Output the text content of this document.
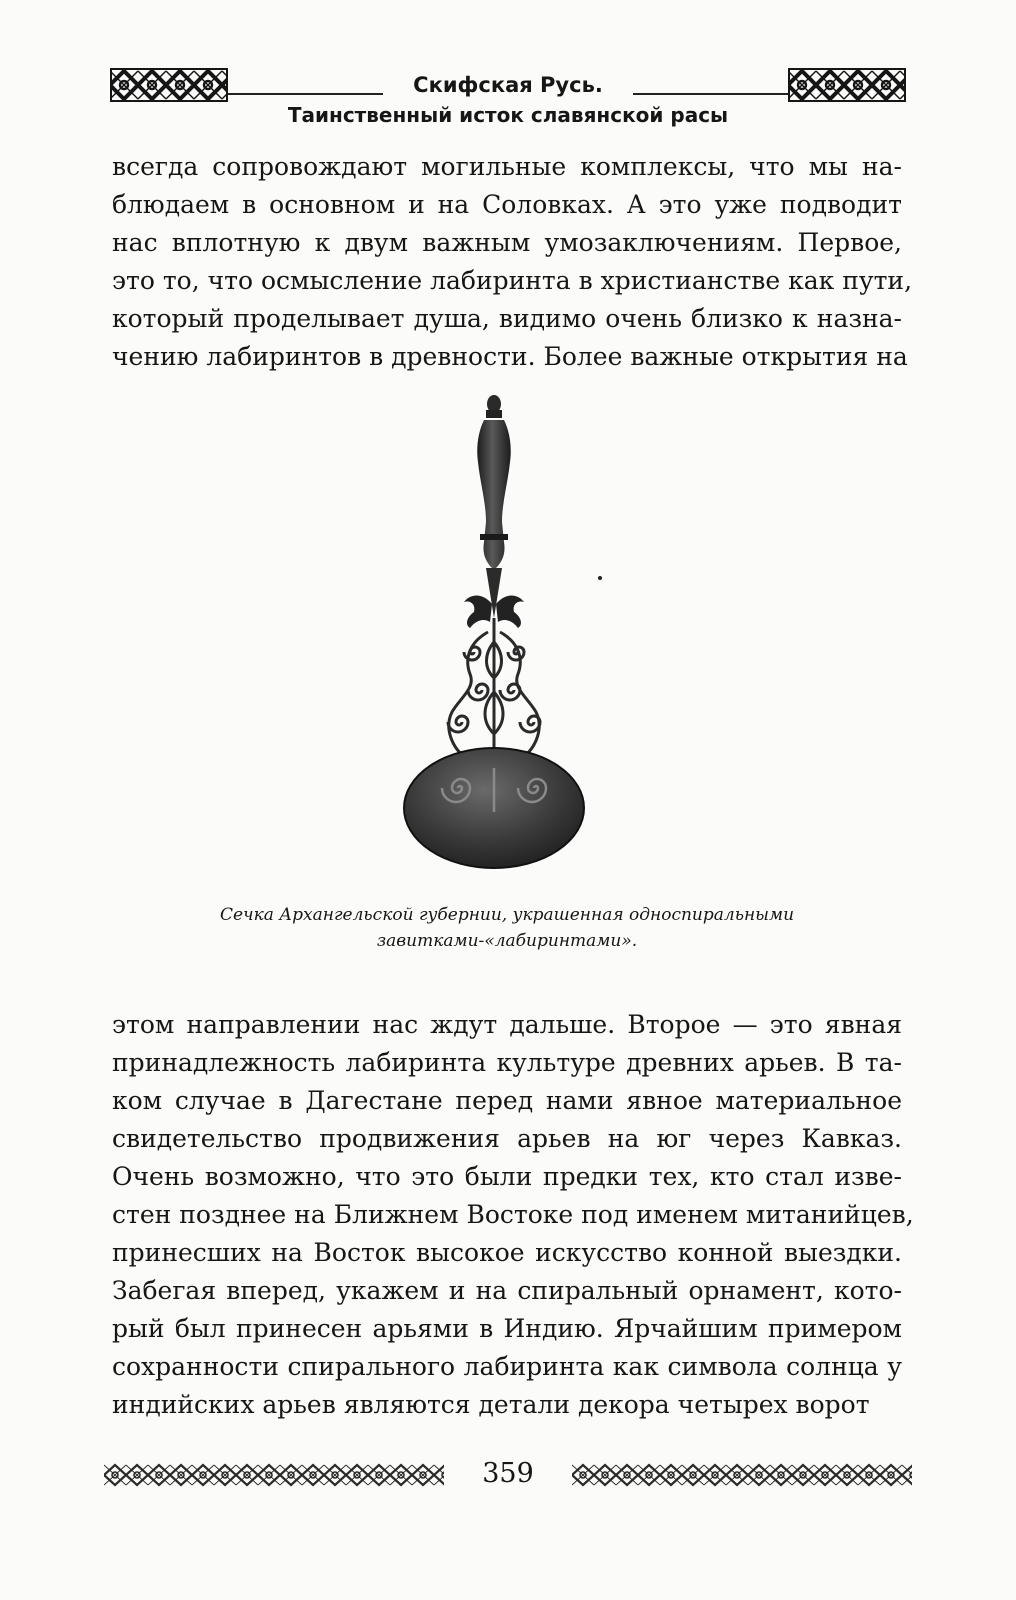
Скифская Русь.
Таинственный исток славянской расы

всегда сопровождают могильные комплексы, что мы на-
блюдаем в основном и на Соловках. А это уже подводит
нас вплотную к двум важным умозаключениям. Первое,
это то, что осмысление лабиринта в христианстве как пути,
который проделывает душа, видимо очень близко к назна-
чению лабиринтов в древности. Более важные открытия на

Сечка Архангельской губернии, украшенная односпиральными
завитками-«лабиринтами».

этом направлении нас ждут дальше. Второе — это явная
принадлежность лабиринта культуре древних арьев. В та-
ком случае в Дагестане перед нами явное материальное
свидетельство продвижения арьев на юг через Кавказ.
Очень возможно, что это были предки тех, кто стал изве-
стен позднее на Ближнем Востоке под именем митанийцев,
принесших на Восток высокое искусство конной выездки.
Забегая вперед, укажем и на спиральный орнамент, кото-
рый был принесен арьями в Индию. Ярчайшим примером
сохранности спирального лабиринта как символа солнца у
индийских арьев являются детали декора четырех ворот

359
